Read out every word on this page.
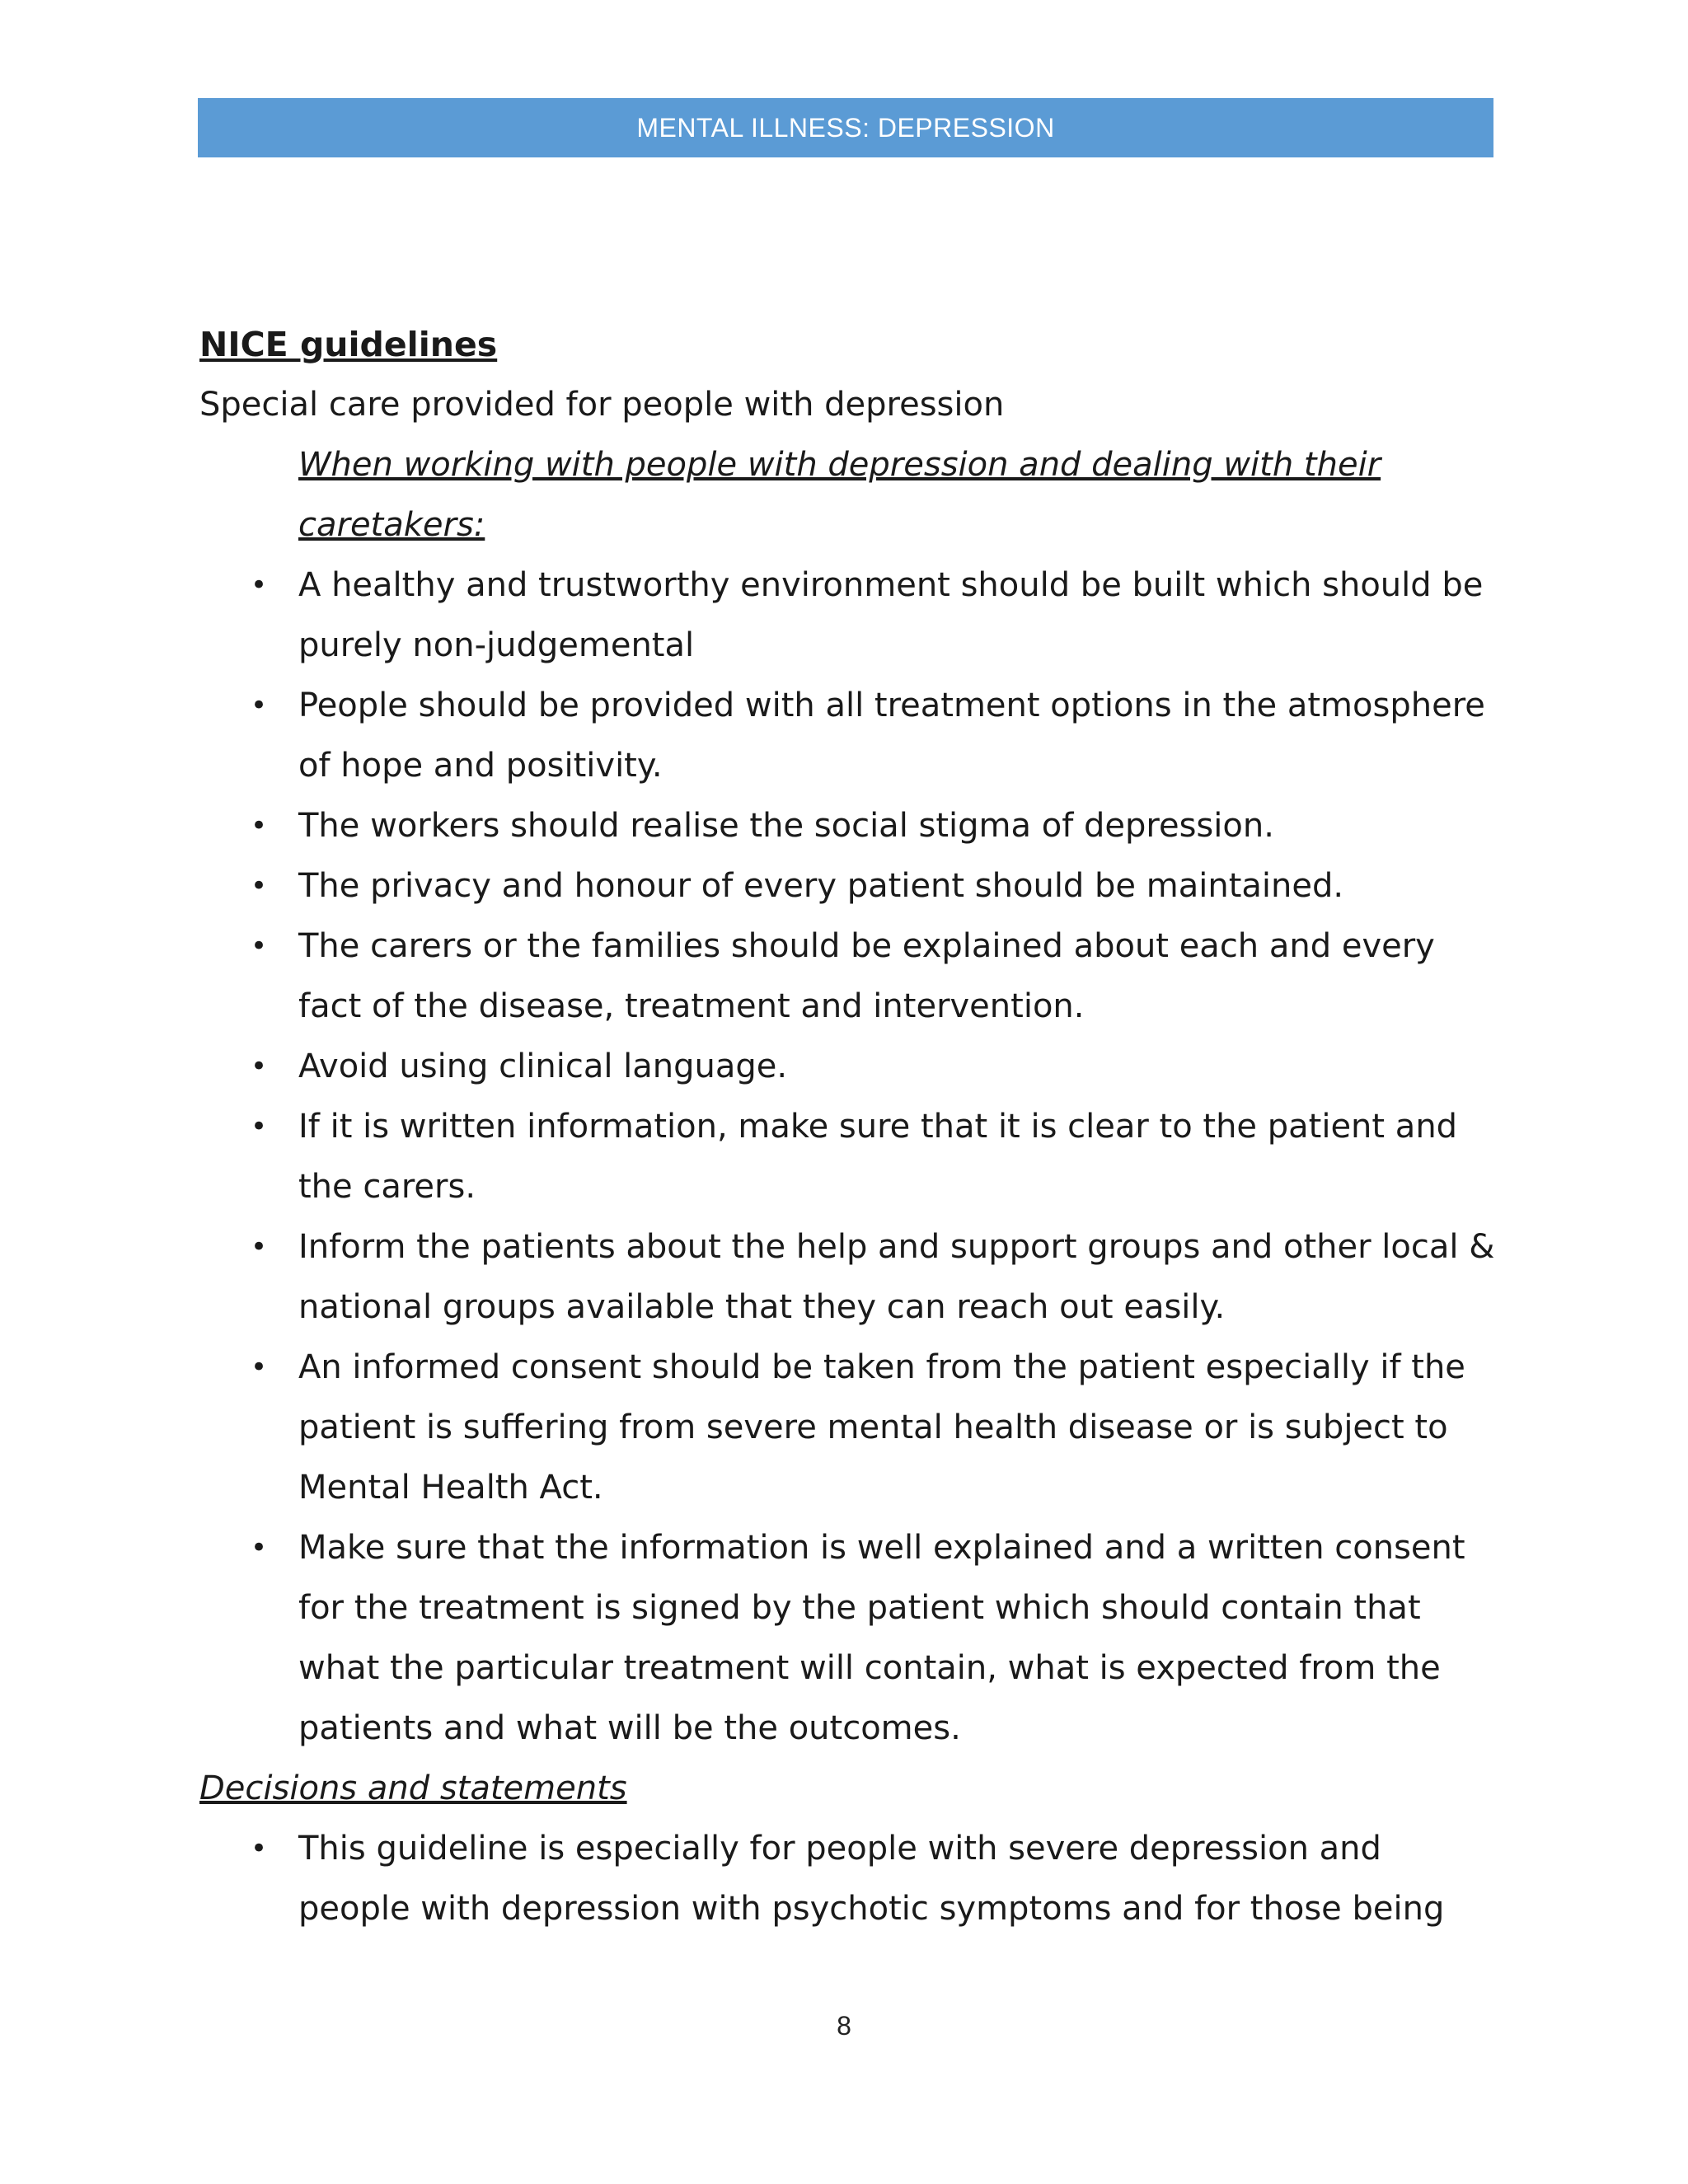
MENTAL ILLNESS: DEPRESSION
NICE guidelines
Special care provided for people with depression
When working with people with depression and dealing with their caretakers:
• A healthy and trustworthy environment should be built which should be purely non-judgemental
• People should be provided with all treatment options in the atmosphere of hope and positivity.
• The workers should realise the social stigma of depression.
• The privacy and honour of every patient should be maintained.
• The carers or the families should be explained about each and every fact of the disease, treatment and intervention.
• Avoid using clinical language.
• If it is written information, make sure that it is clear to the patient and the carers.
• Inform the patients about the help and support groups and other local & national groups available that they can reach out easily.
• An informed consent should be taken from the patient especially if the patient is suffering from severe mental health disease or is subject to Mental Health Act.
• Make sure that the information is well explained and a written consent for the treatment is signed by the patient which should contain that what the particular treatment will contain, what is expected from the patients and what will be the outcomes.
Decisions and statements
• This guideline is especially for people with severe depression and people with depression with psychotic symptoms and for those being
8
